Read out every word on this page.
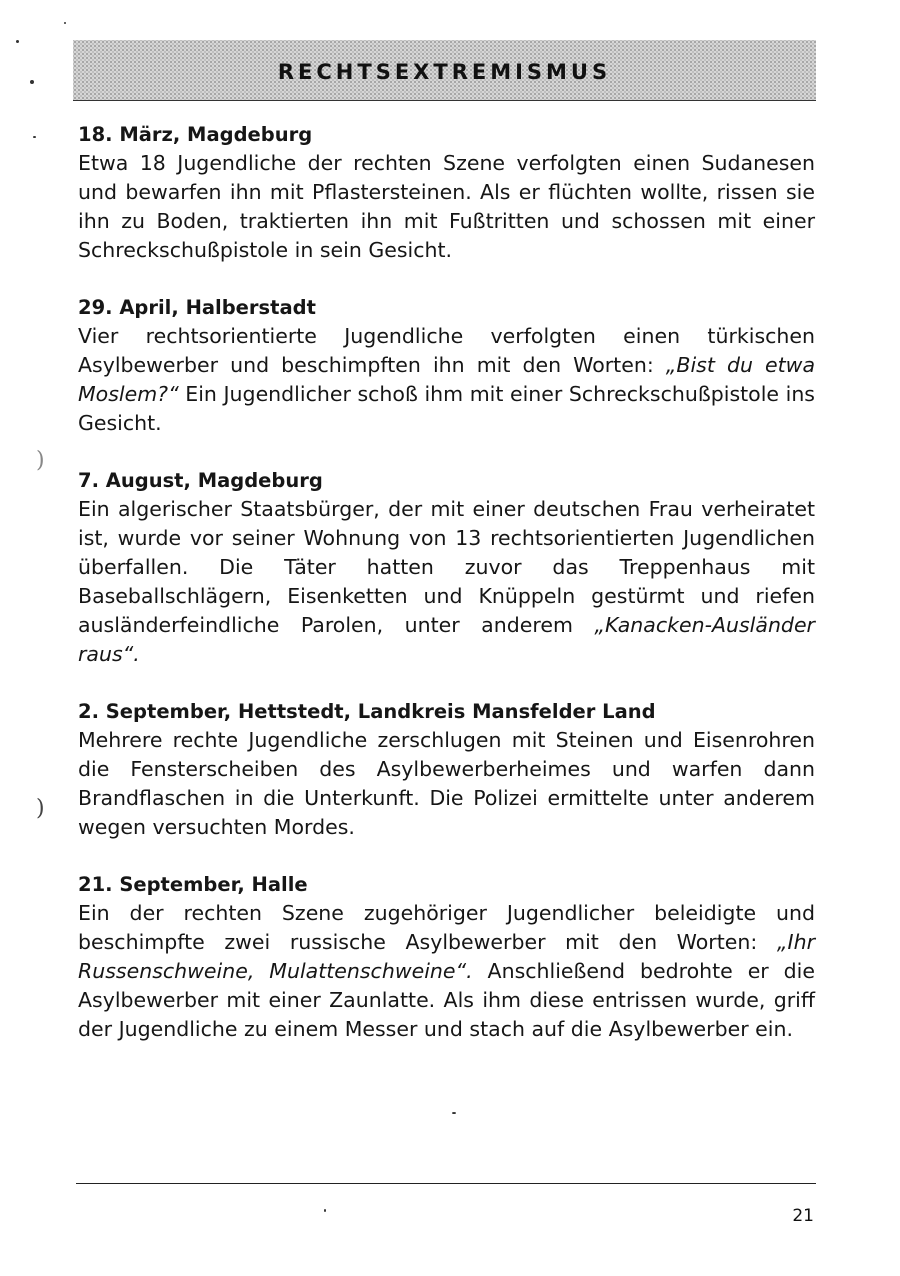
RECHTSEXTREMISMUS
)
)

18. März, Magdeburg

Etwa 18 Jugendliche der rechten Szene verfolgten einen Sudanesen und bewarfen ihn mit Pflastersteinen. Als er flüchten wollte, rissen sie ihn zu Boden, traktierten ihn mit Fußtritten und schossen mit einer Schreckschußpistole in sein Gesicht.

29. April, Halberstadt

Vier rechtsorientierte Jugendliche verfolgten einen türkischen Asylbewerber und beschimpften ihn mit den Worten: „Bist du etwa Moslem?“ Ein Jugendlicher schoß ihm mit einer Schreckschußpistole ins Gesicht.

7. August, Magdeburg

Ein algerischer Staatsbürger, der mit einer deutschen Frau verheiratet ist, wurde vor seiner Wohnung von 13 rechtsorientierten Jugendlichen überfallen. Die Täter hatten zuvor das Treppenhaus mit Baseballschlägern, Eisenketten und Knüppeln gestürmt und riefen ausländerfeindliche Parolen, unter anderem „Kanacken-Ausländer raus“.

2. September, Hettstedt, Landkreis Mansfelder Land

Mehrere rechte Jugendliche zerschlugen mit Steinen und Eisenrohren die Fensterscheiben des Asylbewerberheimes und warfen dann Brandflaschen in die Unterkunft. Die Polizei ermittelte unter anderem wegen versuchten Mordes.

21. September, Halle

Ein der rechten Szene zugehöriger Jugendlicher beleidigte und beschimpfte zwei russische Asylbewerber mit den Worten: „Ihr Russenschweine, Mulattenschweine“. Anschließend bedrohte er die Asylbewerber mit einer Zaunlatte. Als ihm diese entrissen wurde, griff der Jugendliche zu einem Messer und stach auf die Asylbewerber ein.

21
